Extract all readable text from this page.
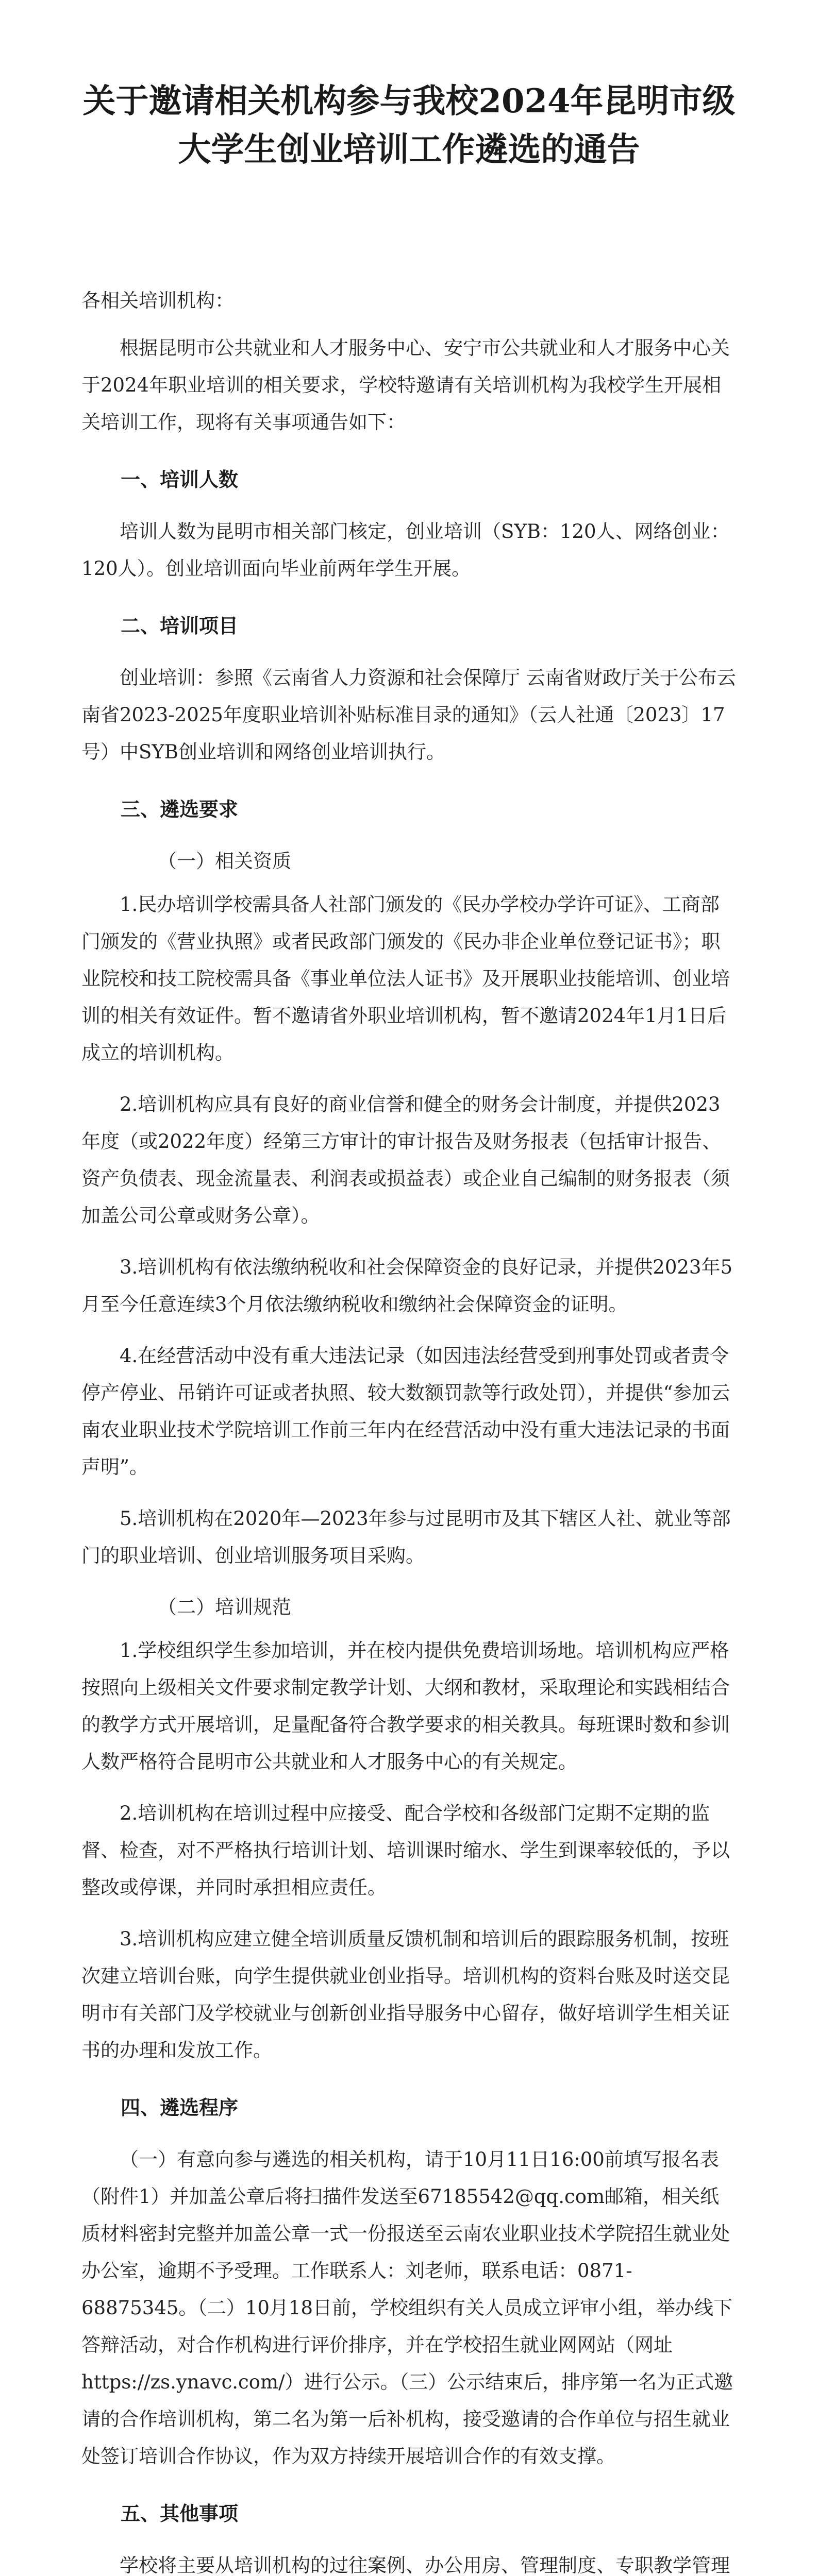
关于邀请相关机构参与我校2024年昆明市级大学生创业培训工作遴选的通告

各相关培训机构：

根据昆明市公共就业和人才服务中心、安宁市公共就业和人才服务中心关于2024年职业培训的相关要求，学校特邀请有关培训机构为我校学生开展相关培训工作，现将有关事项通告如下：

一、培训人数

培训人数为昆明市相关部门核定，创业培训（SYB：120人、网络创业：120人）。创业培训面向毕业前两年学生开展。

二、培训项目

创业培训：参照《云南省人力资源和社会保障厅 云南省财政厅关于公布云南省2023-2025年度职业培训补贴标准目录的通知》（云人社通〔2023〕17号）中SYB创业培训和网络创业培训执行。

三、遴选要求
（一）相关资质

1.民办培训学校需具备人社部门颁发的《民办学校办学许可证》、工商部门颁发的《营业执照》或者民政部门颁发的《民办非企业单位登记证书》；职业院校和技工院校需具备《事业单位法人证书》及开展职业技能培训、创业培训的相关有效证件。暂不邀请省外职业培训机构，暂不邀请2024年1月1日后成立的培训机构。

2.培训机构应具有良好的商业信誉和健全的财务会计制度，并提供2023年度（或2022年度）经第三方审计的审计报告及财务报表（包括审计报告、资产负债表、现金流量表、利润表或损益表）或企业自己编制的财务报表（须加盖公司公章或财务公章）。

3.培训机构有依法缴纳税收和社会保障资金的良好记录，并提供2023年5月至今任意连续3个月依法缴纳税收和缴纳社会保障资金的证明。

4.在经营活动中没有重大违法记录（如因违法经营受到刑事处罚或者责令停产停业、吊销许可证或者执照、较大数额罚款等行政处罚），并提供“参加云南农业职业技术学院培训工作前三年内在经营活动中没有重大违法记录的书面声明”。

5.培训机构在2020年—2023年参与过昆明市及其下辖区人社、就业等部门的职业培训、创业培训服务项目采购。

（二）培训规范

1.学校组织学生参加培训，并在校内提供免费培训场地。培训机构应严格按照向上级相关文件要求制定教学计划、大纲和教材，采取理论和实践相结合的教学方式开展培训，足量配备符合教学要求的相关教具。每班课时数和参训人数严格符合昆明市公共就业和人才服务中心的有关规定。

2.培训机构在培训过程中应接受、配合学校和各级部门定期不定期的监督、检查，对不严格执行培训计划、培训课时缩水、学生到课率较低的，予以整改或停课，并同时承担相应责任。

3.培训机构应建立健全培训质量反馈机制和培训后的跟踪服务机制，按班次建立培训台账，向学生提供就业创业指导。培训机构的资料台账及时送交昆明市有关部门及学校就业与创新创业指导服务中心留存，做好培训学生相关证书的办理和发放工作。

四、遴选程序

（一）有意向参与遴选的相关机构，请于10月11日16:00前填写报名表（附件1）并加盖公章后将扫描件发送至67185542@qq.com邮箱，相关纸质材料密封完整并加盖公章一式一份报送至云南农业职业技术学院招生就业处办公室，逾期不予受理。工作联系人：刘老师，联系电话：0871-68875345。（二）10月18日前，学校组织有关人员成立评审小组，举办线下答辩活动，对合作机构进行评价排序，并在学校招生就业网网站（网址https://zs.ynavc.com/）进行公示。（三）公示结束后，排序第一名为正式邀请的合作培训机构，第二名为第一后补机构，接受邀请的合作单位与招生就业处签订培训合作协议，作为双方持续开展培训合作的有效支撑。

五、其他事项

学校将主要从培训机构的过往案例、办公用房、管理制度、专职教学管理
